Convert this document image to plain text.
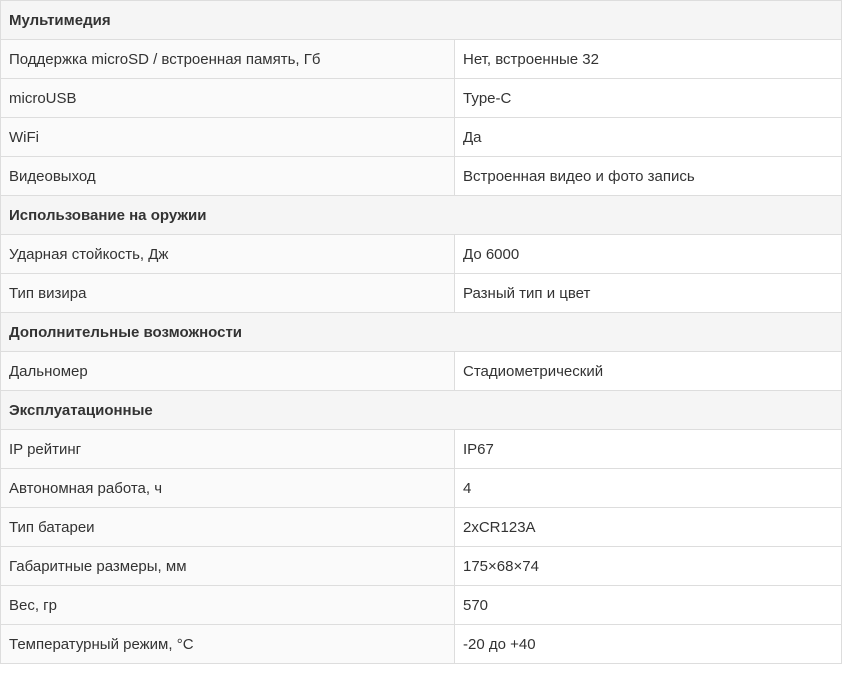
Мультимедия	
Поддержка microSD / встроенная память, Гб	Нет, встроенные 32
microUSB	Type-C
WiFi	Да
Видеовыход	Встроенная видео и фото запись
Использование на оружии	
Ударная стойкость, Дж	До 6000
Тип визира	Разный тип и цвет
Дополнительные возможности	
Дальномер	Стадиометрический
Эксплуатационные	
IP рейтинг	IP67
Автономная работа, ч	4
Тип батареи	2xCR123A
Габаритные размеры, мм	175×68×74
Вес, гр	570
Температурный режим, °C	-20 до +40
